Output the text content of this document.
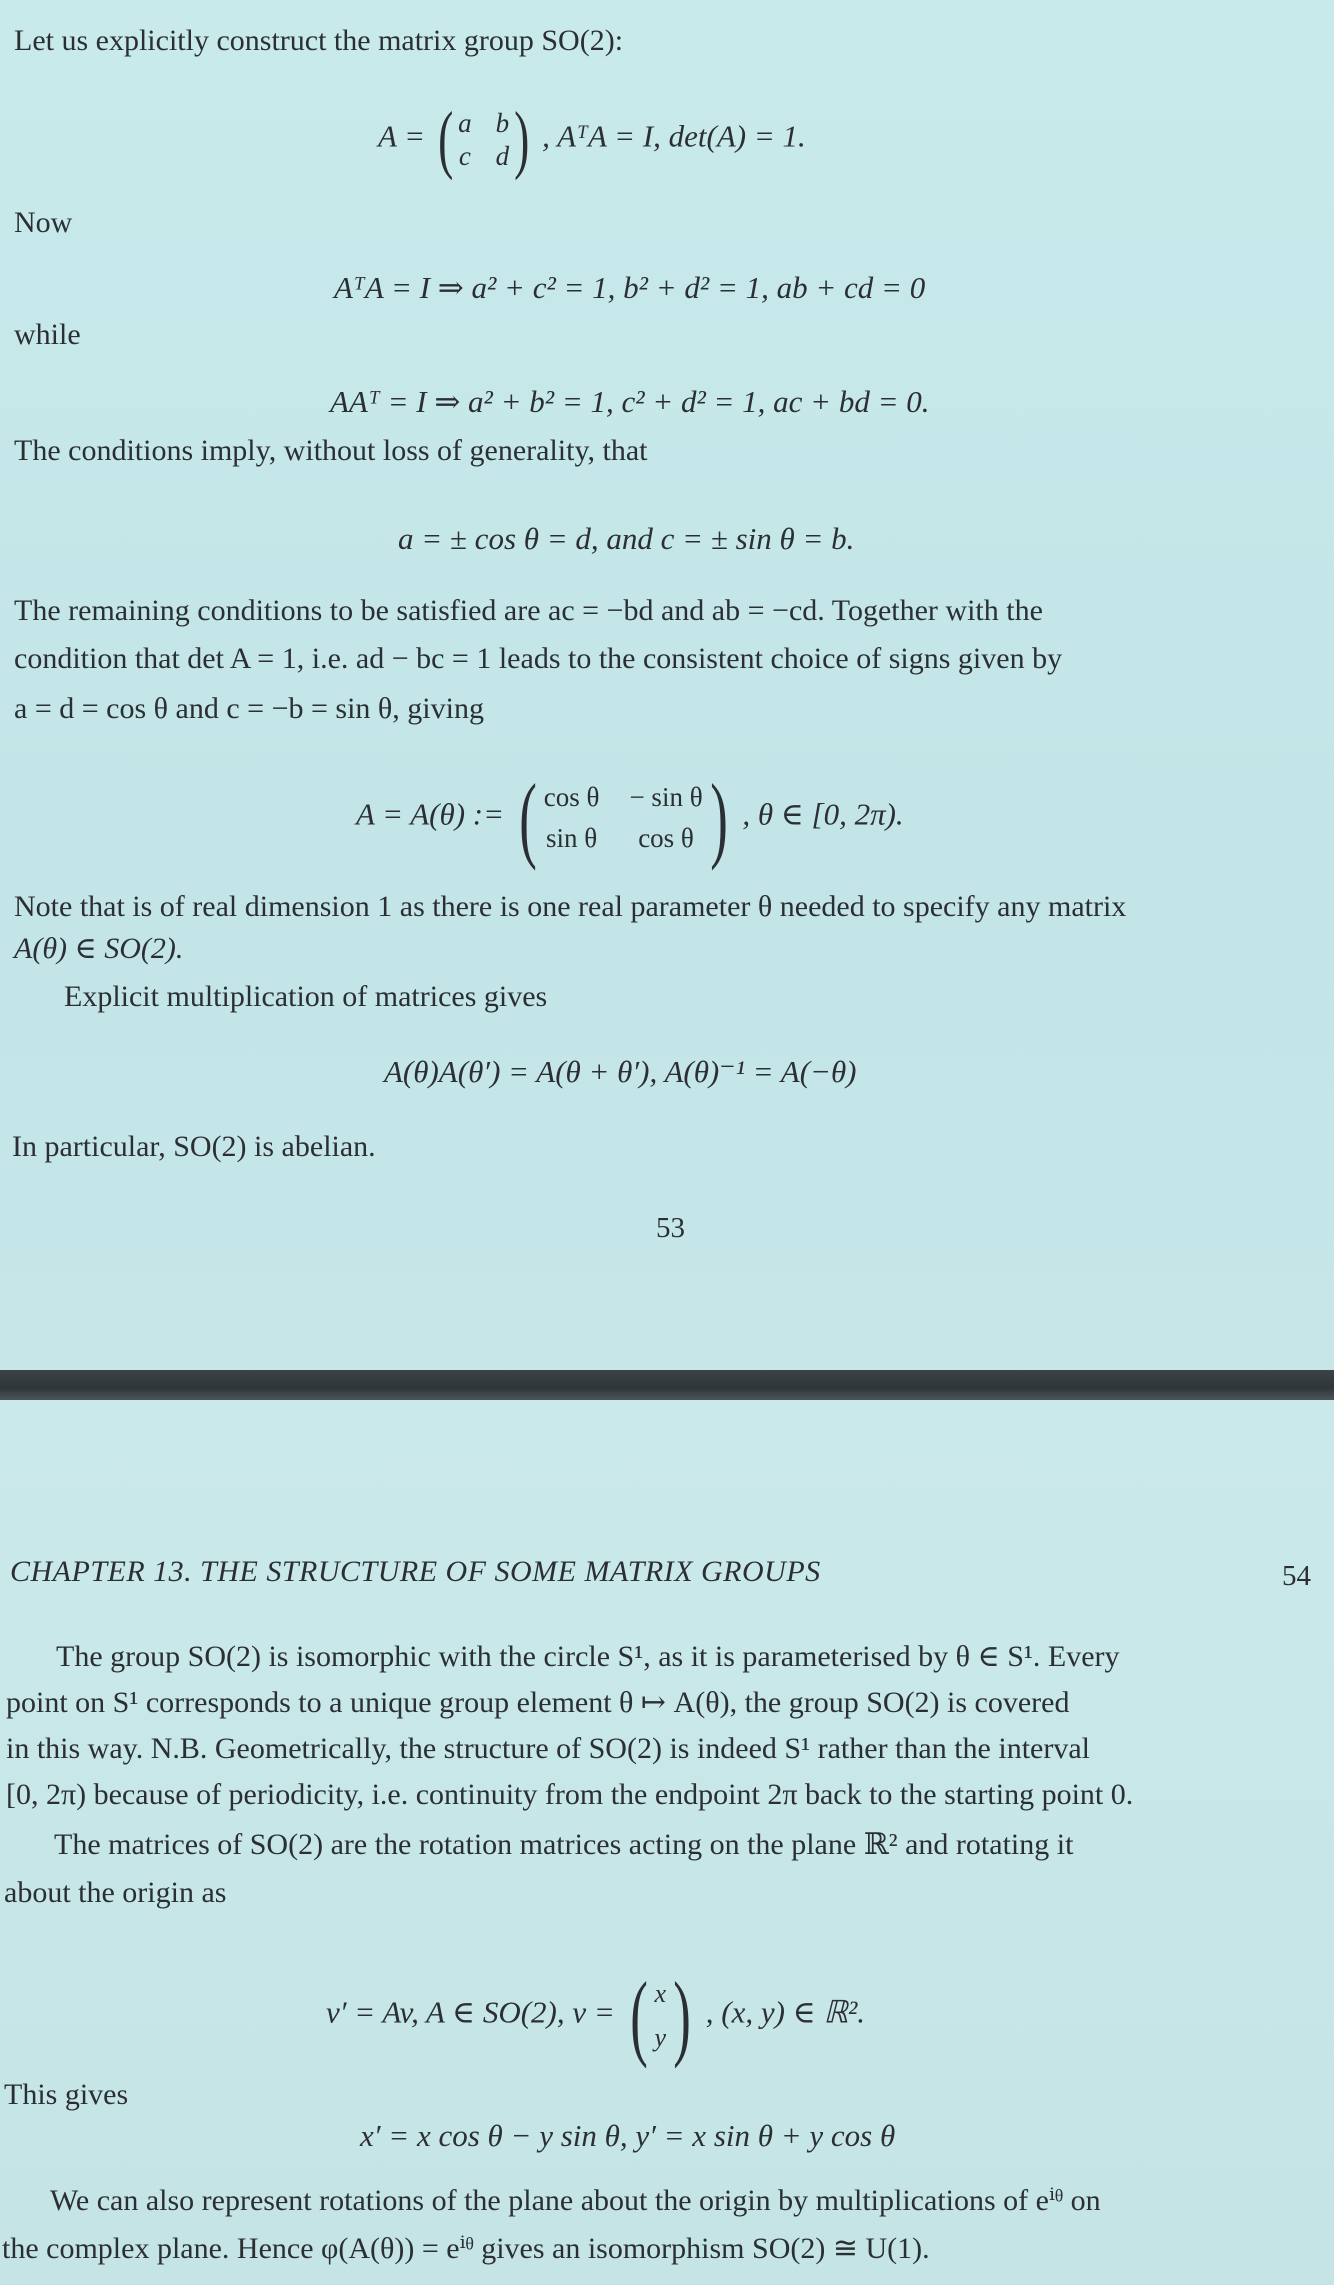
Let us explicitly construct the matrix group SO(2):
A = ( a b
c d ) , AᵀA = I, det(A) = 1.
Now
AᵀA = I ⇒ a² + c² = 1, b² + d² = 1, ab + cd = 0
while
AAᵀ = I ⇒ a² + b² = 1, c² + d² = 1, ac + bd = 0.
The conditions imply, without loss of generality, that
a = ± cos θ = d, and c = ± sin θ = b.
The remaining conditions to be satisfied are ac = −bd and ab = −cd. Together with the
condition that det A = 1, i.e. ad − bc = 1 leads to the consistent choice of signs given by
a = d = cos θ and c = −b = sin θ, giving
A = A(θ) := ( cos θ − sin θ
sin θ	cos θ ) , θ ∈ [0, 2π).
Note that is of real dimension 1 as there is one real parameter θ needed to specify any matrix
A(θ) ∈ SO(2).
Explicit multiplication of matrices gives
A(θ)A(θ′) = A(θ + θ′), A(θ)⁻¹ = A(−θ)
In particular, SO(2) is abelian.
53
CHAPTER 13. THE STRUCTURE OF SOME MATRIX GROUPS	54
The group SO(2) is isomorphic with the circle S¹, as it is parameterised by θ ∈ S¹. Every
point on S¹ corresponds to a unique group element θ ↦ A(θ), the group SO(2) is covered
in this way. N.B. Geometrically, the structure of SO(2) is indeed S¹ rather than the interval
[0, 2π) because of periodicity, i.e. continuity from the endpoint 2π back to the starting point 0.
The matrices of SO(2) are the rotation matrices acting on the plane ℝ² and rotating it
about the origin as
v′ = Av, A ∈ SO(2), v = ( x
y ) , (x, y) ∈ ℝ².
This gives
x′ = x cos θ − y sin θ, y′ = x sin θ + y cos θ
We can also represent rotations of the plane about the origin by multiplications of eⁱᶿ on
the complex plane. Hence φ(A(θ)) = eⁱᶿ gives an isomorphism SO(2) ≅ U(1).
